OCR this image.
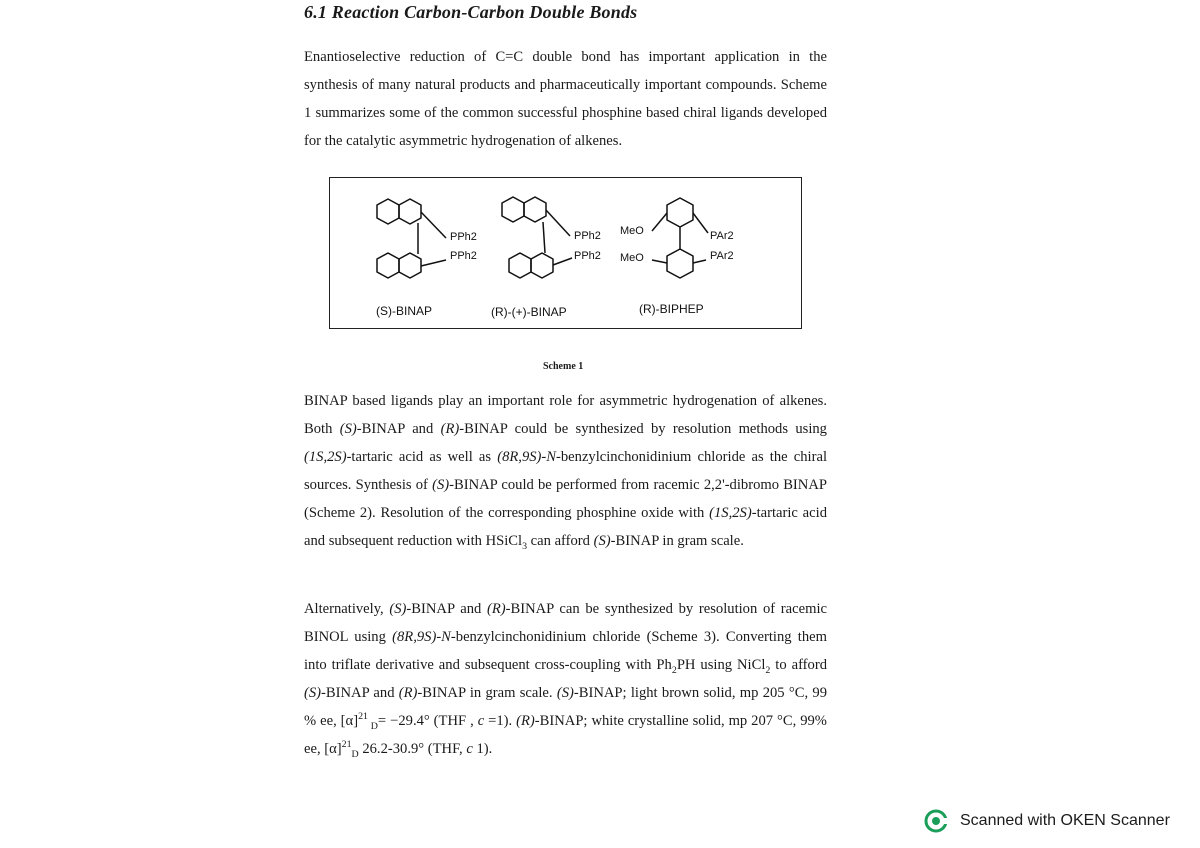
6.1 Reaction Carbon-Carbon Double Bonds

Enantioselective reduction of C=C double bond has important application in the synthesis of many natural products and pharmaceutically important compounds. Scheme 1 summarizes some of the common successful phosphine based chiral ligands developed for the catalytic asymmetric hydrogenation of alkenes.

PPh2
PPh2
PPh2
PPh2
MeO
MeO
PAr2
PAr2
(S)-BINAP	(R)-(+)-BINAP	(R)-BIPHEP
Scheme 1

BINAP based ligands play an important role for asymmetric hydrogenation of alkenes. Both (S)-BINAP and (R)-BINAP could be synthesized by resolution methods using (1S,2S)-tartaric acid as well as (8R,9S)-N-benzylcinchonidinium chloride as the chiral sources. Synthesis of (S)-BINAP could be performed from racemic 2,2'-dibromo BINAP (Scheme 2). Resolution of the corresponding phosphine oxide with (1S,2S)-tartaric acid and subsequent reduction with HSiCl$_3$ can afford (S)-BINAP in gram scale.

Alternatively, (S)-BINAP and (R)-BINAP can be synthesized by resolution of racemic BINOL using (8R,9S)-N-benzylcinchonidinium chloride (Scheme 3). Converting them into triflate derivative and subsequent cross-coupling with $Ph_2PH$ using NiCl$_2$ to afford (S)-BINAP and (R)-BINAP in gram scale. (S)-BINAP; light brown solid, mp 205 °C, 99 % ee, $[\alpha]^{21}$ $_D$= −29.4° (THF , c =1). (R)-BINAP; white crystalline solid, mp 207 °C, 99% ee, $[\alpha]^{21}_D$ 26.2-30.9° (THF, c 1).

Scanned with OKEN Scanner
